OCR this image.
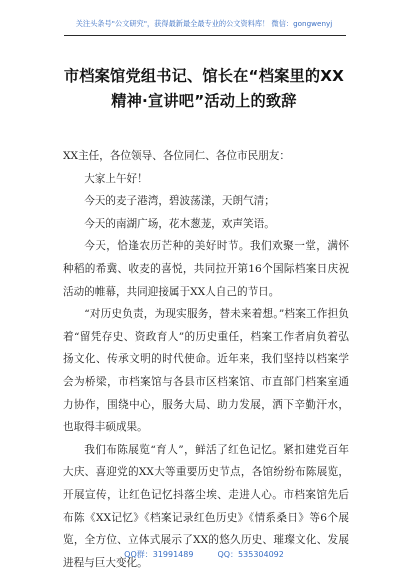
关注头条号"公文研究"，获得最新最全最专业的公文资料库！ 微信：gongwenyj
市档案馆党组书记、馆长在“档案里的XX
精神·宣讲吧”活动上的致辞

XX主任，各位领导、各位同仁、各位市民朋友：

大家上午好！

今天的麦子港湾，碧波荡漾，天朗气清；

今天的南湖广场，花木葱茏，欢声笑语。

今天，恰逢农历芒种的美好时节。我们欢聚一堂，满怀种稻的希冀、收麦的喜悦，共同拉开第16个国际档案日庆祝活动的帷幕，共同迎接属于XX人自己的节日。

“对历史负责，为现实服务，替未来着想。”档案工作担负着“留凭存史、资政育人”的历史重任，档案工作者肩负着弘扬文化、传承文明的时代使命。近年来，我们坚持以档案学会为桥梁，市档案馆与各县市区档案馆、市直部门档案室通力协作，围绕中心，服务大局、助力发展，洒下辛勤汗水，也取得丰硕成果。

我们布陈展览“育人”，鲜活了红色记忆。紧扣建党百年大庆、喜迎党的XX大等重要历史节点，各馆纷纷布陈展览，开展宣传，让红色记忆抖落尘埃、走进人心。市档案馆先后布陈《XX记忆》《档案记录红色历史》《情系桑日》等6个展览，全方位、立体式展示了XX的悠久历史、璀璨文化、发展进程与巨大变化。

QQ群：31991489	QQ：535304092
